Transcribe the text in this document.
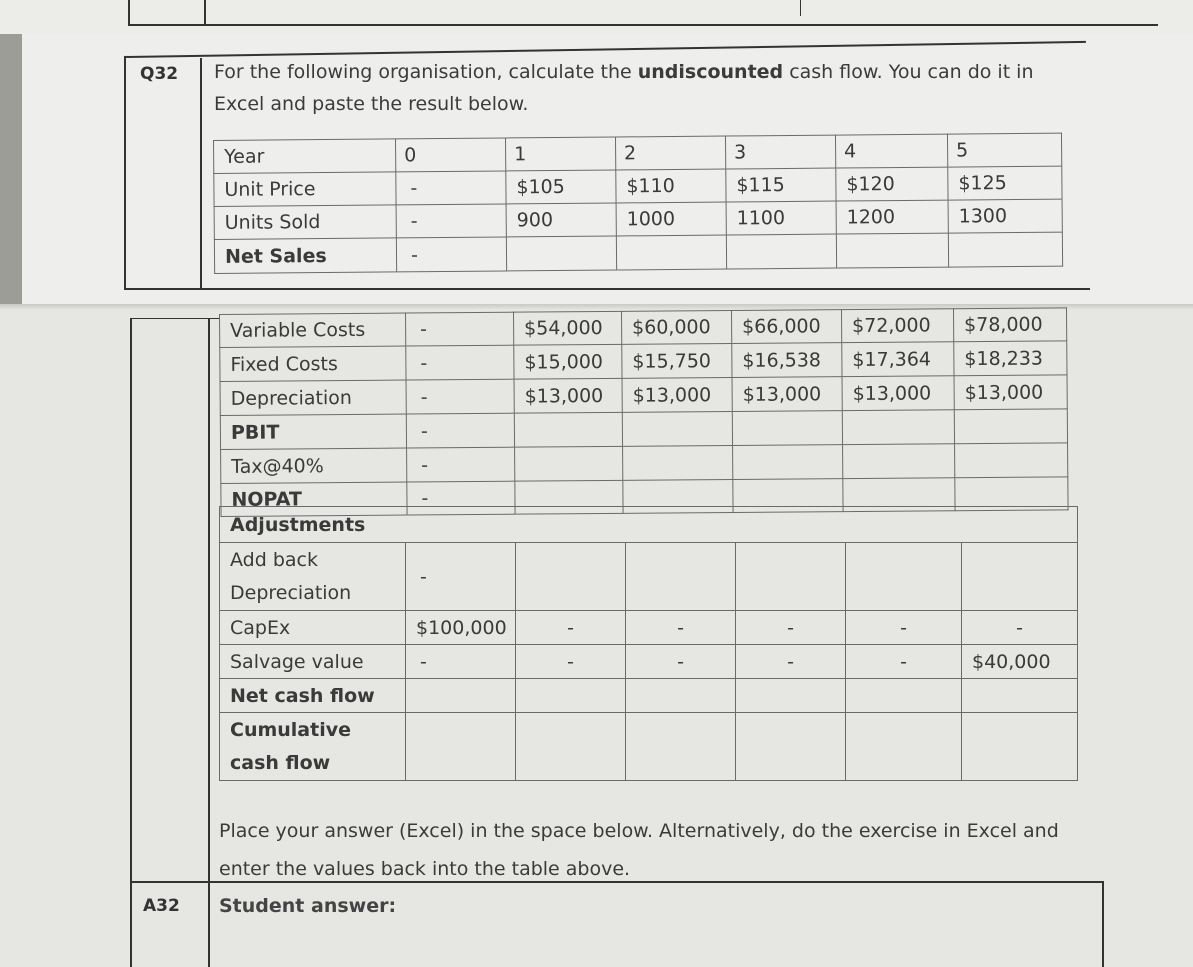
Q32 For the following organisation, calculate the undiscounted cash flow. You can do it in Excel and paste the result below.
Year	0	1	2	3	4	5
Unit Price	-	$105	$110	$115	$120	$125
Units Sold	-	900	1000	1100	1200	1300
Net Sales	-					
Variable Costs	-	$54,000	$60,000	$66,000	$72,000	$78,000
Fixed Costs	-	$15,000	$15,750	$16,538	$17,364	$18,233
Depreciation	-	$13,000	$13,000	$13,000	$13,000	$13,000
PBIT	-					
Tax@40%	-					
NOPAT	-					
Adjustments						
Add back Depreciation	-					
CapEx	$100,000	-	-	-	-	-
Salvage value	-	-	-	-	-	$40,000
Net cash flow						
Cumulative cash flow						
Place your answer (Excel) in the space below. Alternatively, do the exercise in Excel and enter the values back into the table above.
A32 Student answer:
